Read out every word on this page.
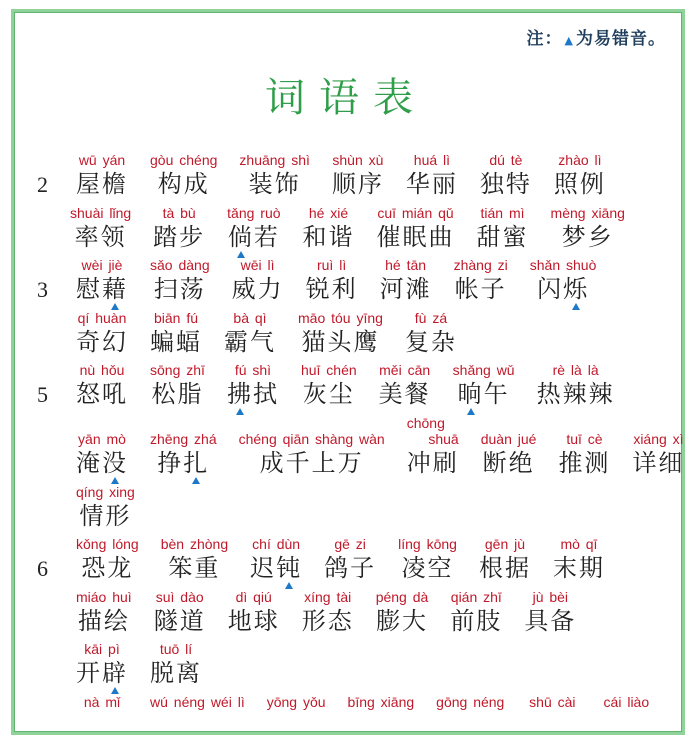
注： ▲ 为易错音。
词语表
2
wū yán
屋檐
gòu chéng
构成
zhuāng shì
装饰
shùn xù
顺序
huá lì
华丽
dú tè
独特
zhào lì
照例
shuài lǐng
率领
tà bù
踏步
tǎng ruò
倘若
hé xié
和谐
cuī mián qǔ
催眠曲
tián mì
甜蜜
mèng xiāng
梦乡
3
wèi jiè
慰藉
sǎo dàng
扫荡
wēi lì
威力
ruì lì
锐利
hé tān
河滩
zhàng zi
帐子
shǎn shuò
闪烁
qí huàn
奇幻
biān fú
蝙蝠
bà qì
霸气
māo tóu yīng
猫头鹰
fù zá
复杂
5
nù hǒu
怒吼
sōng zhī
松脂
fú shì
拂拭
huī chén
灰尘
měi cān
美餐
shǎng wǔ
晌午
rè là là
热辣辣
yān mò
淹没
zhēng zhá
挣扎
chéng qiān shàng wàn
成千上万
chōng
shuā
冲刷
duàn jué
断绝
tuī cè
推测
xiáng xì
详细
qíng xing
情形
6
kǒng lóng
恐龙
bèn zhòng
笨重
chí dùn
迟钝
gē zi
鸽子
líng kōng
凌空
gēn jù
根据
mò qī
末期
miáo huì
描绘
suì dào
隧道
dì qiú
地球
xíng tài
形态
péng dà
膨大
qián zhī
前肢
jù bèi
具备
kāi pì
开辟
tuō lí
脱离
nà mǐ wú néng wéi lì yōng yǒu bīng xiāng gōng néng shū cài cái liào
